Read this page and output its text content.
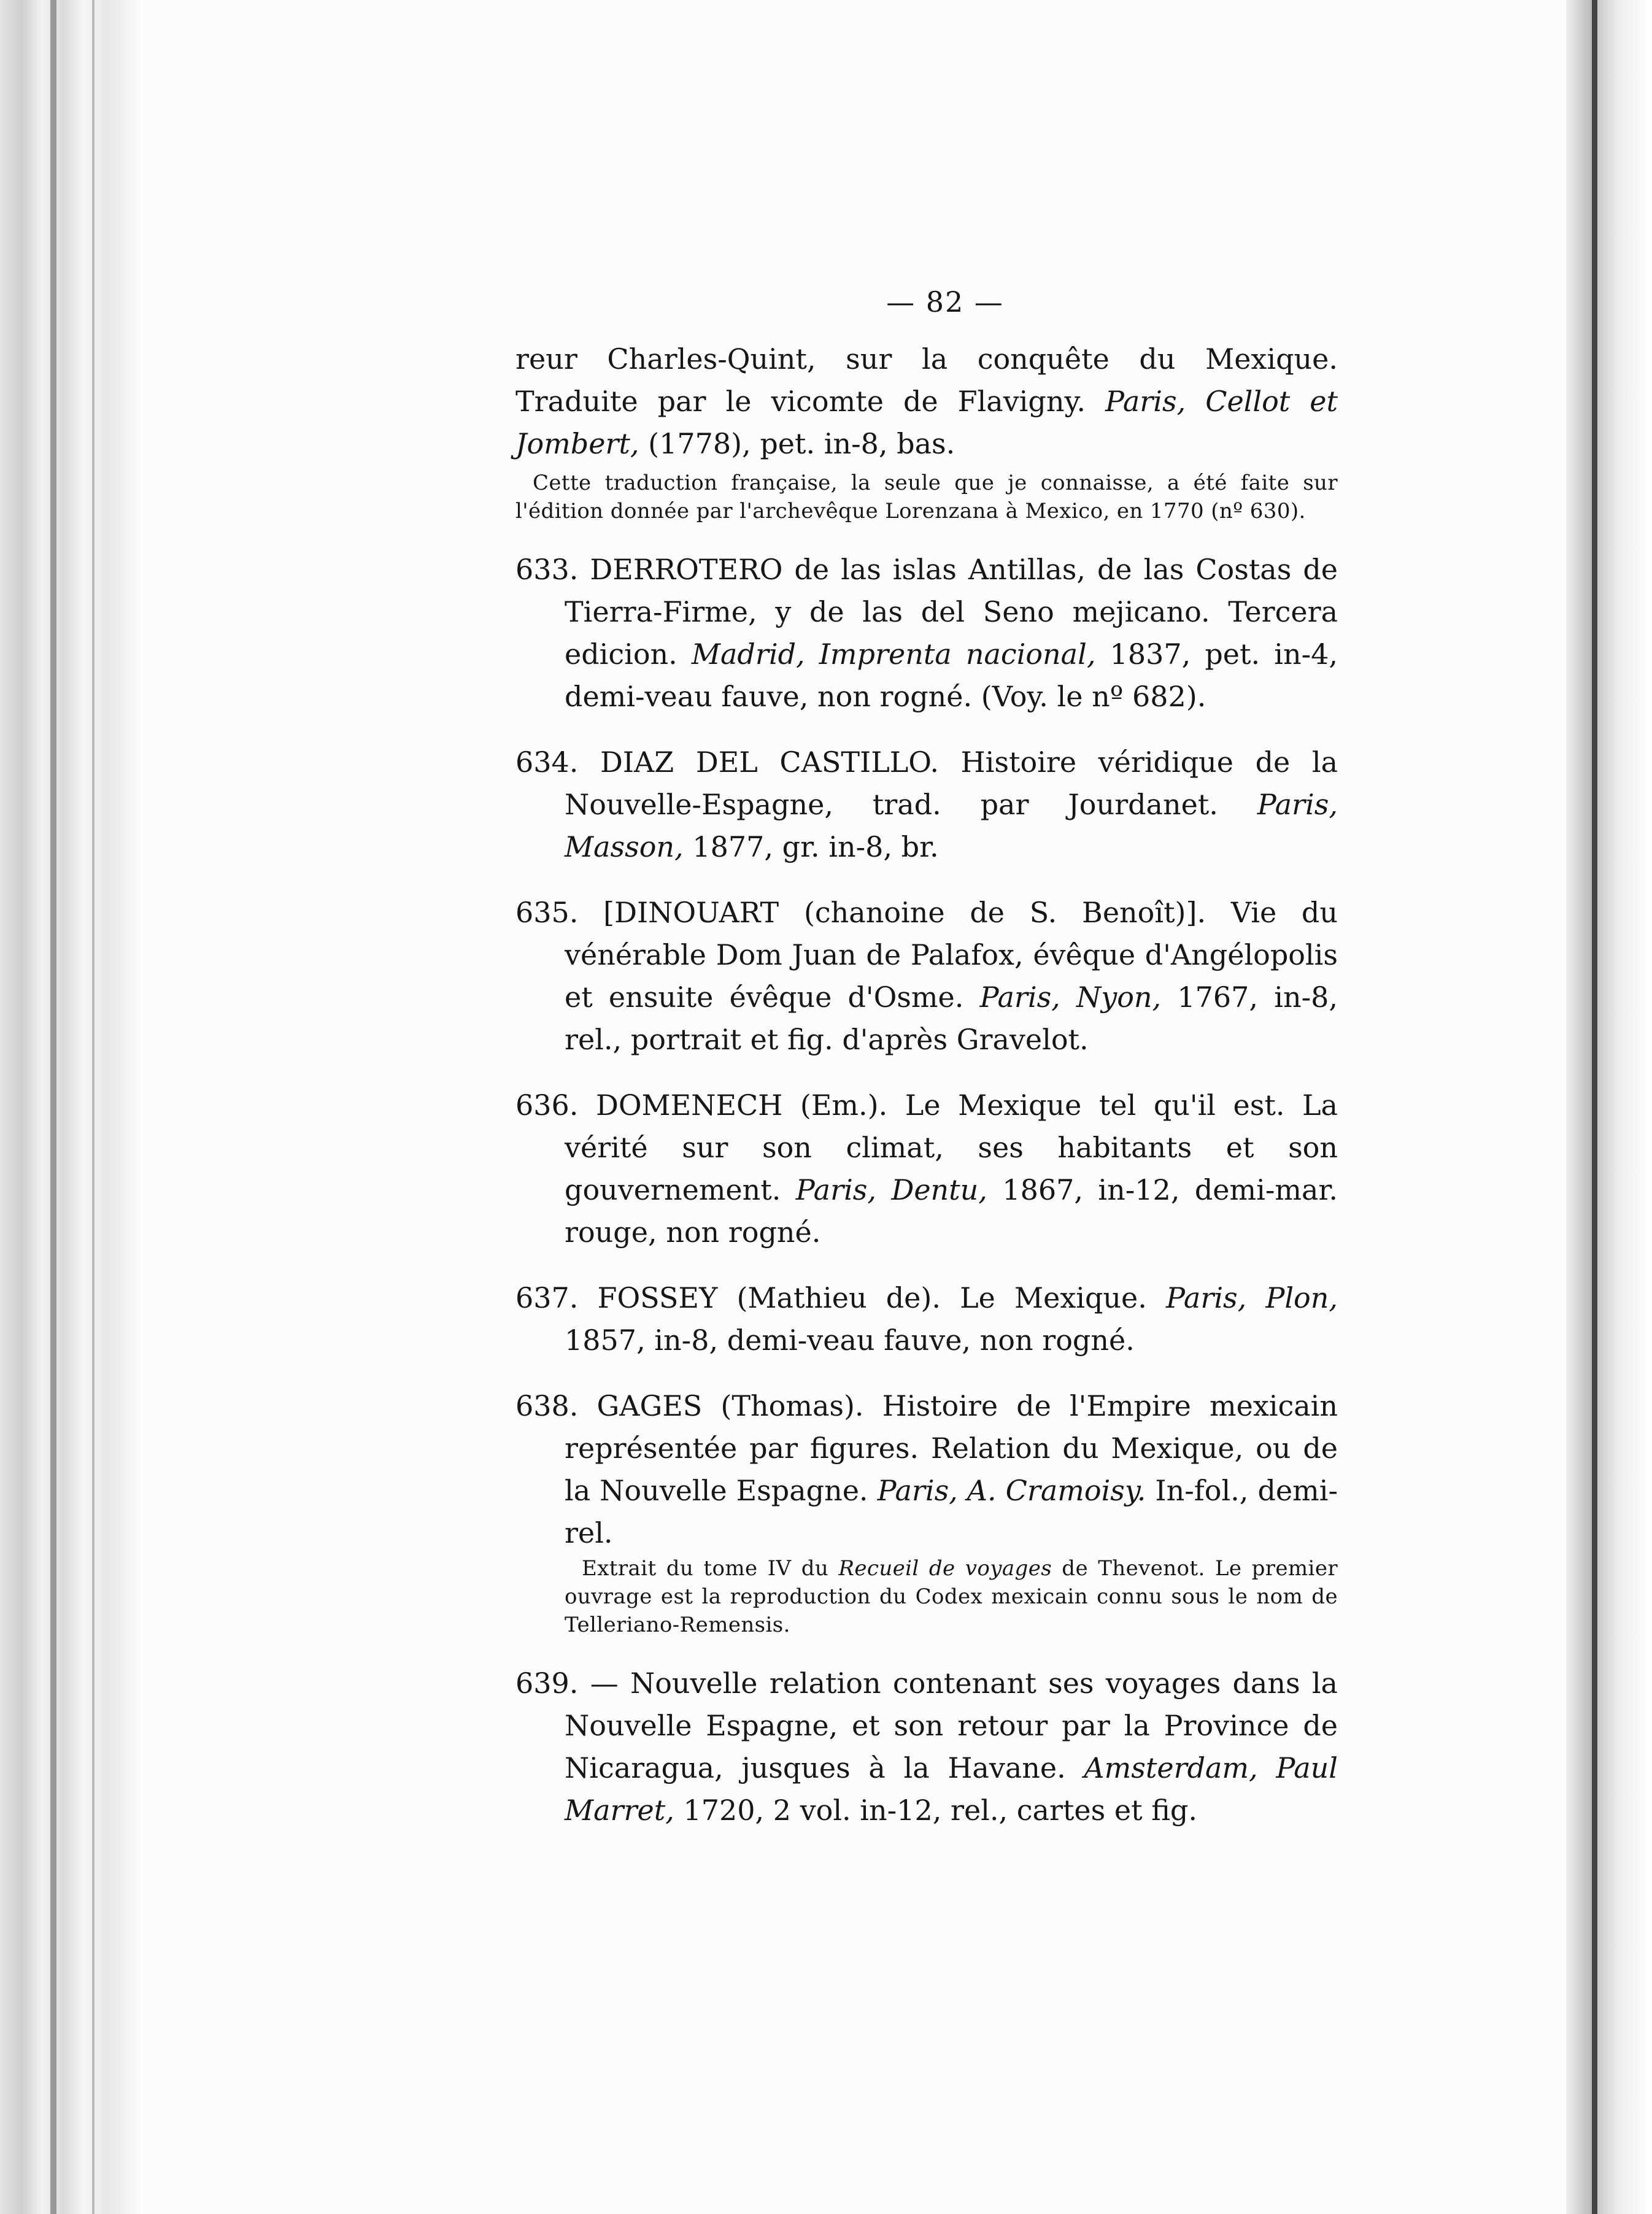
— 82 —

reur Charles-Quint, sur la conquête du Mexique. Traduite par le vicomte de Flavigny. Paris, Cellot et Jombert, (1778), pet. in-8, bas.

Cette traduction française, la seule que je connaisse, a été faite sur l'édition donnée par l'archevêque Lorenzana à Mexico, en 1770 (nº 630).

633. DERROTERO de las islas Antillas, de las Costas de Tierra-Firme, y de las del Seno mejicano. Tercera edicion. Madrid, Imprenta nacional, 1837, pet. in-4, demi-veau fauve, non rogné. (Voy. le nº 682).

634. DIAZ DEL CASTILLO. Histoire véridique de la Nouvelle-Espagne, trad. par Jourdanet. Paris, Masson, 1877, gr. in-8, br.

635. [DINOUART (chanoine de S. Benoît)]. Vie du vénérable Dom Juan de Palafox, évêque d'Angélopolis et ensuite évêque d'Osme. Paris, Nyon, 1767, in-8, rel., portrait et fig. d'après Gravelot.

636. DOMENECH (Em.). Le Mexique tel qu'il est. La vérité sur son climat, ses habitants et son gouvernement. Paris, Dentu, 1867, in-12, demi-mar. rouge, non rogné.

637. FOSSEY (Mathieu de). Le Mexique. Paris, Plon, 1857, in-8, demi-veau fauve, non rogné.

638. GAGES (Thomas). Histoire de l'Empire mexicain représentée par figures. Relation du Mexique, ou de la Nouvelle Espagne. Paris, A. Cramoisy. In-fol., demi-rel.

Extrait du tome IV du Recueil de voyages de Thevenot. Le premier ouvrage est la reproduction du Codex mexicain connu sous le nom de Telleriano-Remensis.

639. — Nouvelle relation contenant ses voyages dans la Nouvelle Espagne, et son retour par la Province de Nicaragua, jusques à la Havane. Amsterdam, Paul Marret, 1720, 2 vol. in-12, rel., cartes et fig.
